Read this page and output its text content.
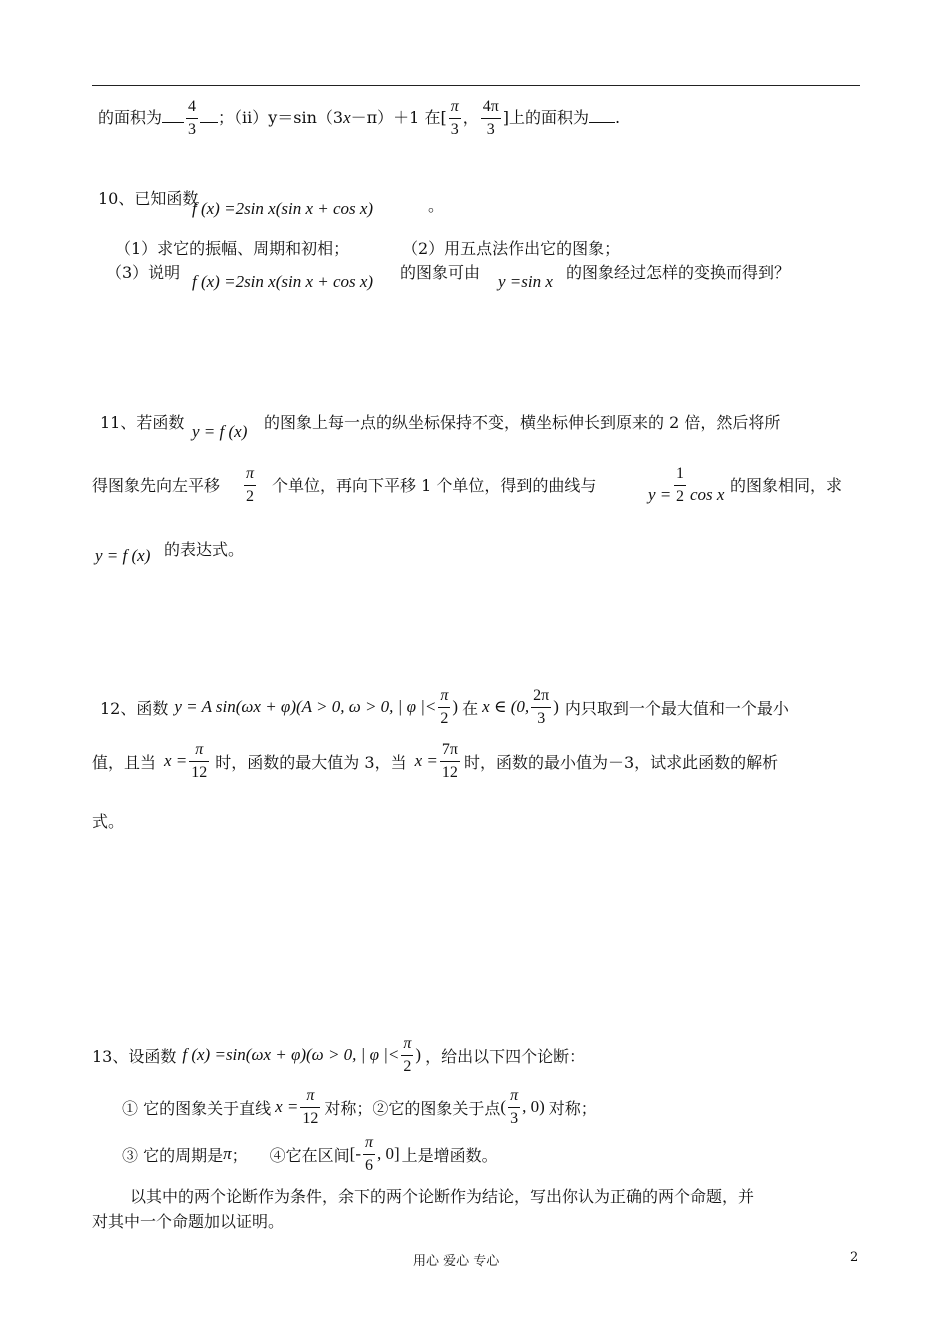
的面积为 $\frac{4}{3}$ ；（ii）y＝sin（3x－π）＋1 在[ $\frac{\pi}{3}$ ， $\frac{4\pi}{3}$ ]上的面积为 .
10、已知函数
f (x) =2sin x(sin x + cos x)	。
（1）求它的振幅、周期和初相；	（2）用五点法作出它的图象；
（3）说明 f (x) =2sin x(sin x + cos x) 的图象可由 y =sin x 的图象经过怎样的变换而得到？
11、若函数 y = f (x) 的图象上每一点的纵坐标保持不变，横坐标伸长到原来的 2 倍，然后将所
得图象先向左平移 $\frac{\pi}{2}$ 个单位，再向下平移 1 个单位，得到的曲线与	$y = \frac{1}{2}$ cos x 的图象相同，求
y = f (x) 的表达式。
12、函数 y = A sin(ωx + φ)(A > 0, ω > 0, | φ |< $\frac{\pi}{2}$ ) 在 x ∈ (0, $\frac{2\pi}{3}$ ) 内只取到一个最大值和一个最小
值，且当 $x = \frac{\pi}{12}$ 时，函数的最大值为 3，当 $x = \frac{7\pi}{12}$ 时，函数的最小值为－3，试求此函数的解析
式。
13、设函数 f (x) =sin(ωx + φ)(ω > 0, | φ |< $\frac{\pi}{2}$ ) ，给出以下四个论断：
① 它的图象关于直线 $x = \frac{\pi}{12}$ 对称；②它的图象关于点 ( $\frac{\pi}{3}$ , 0) 对称；
③ 它的周期是 π ； ④它在区间 [- $\frac{\pi}{6}$ , 0] 上是增函数。
以其中的两个论断作为条件，余下的两个论断作为结论，写出你认为正确的两个命题，并
对其中一个命题加以证明。
用心 爱心 专心	2
